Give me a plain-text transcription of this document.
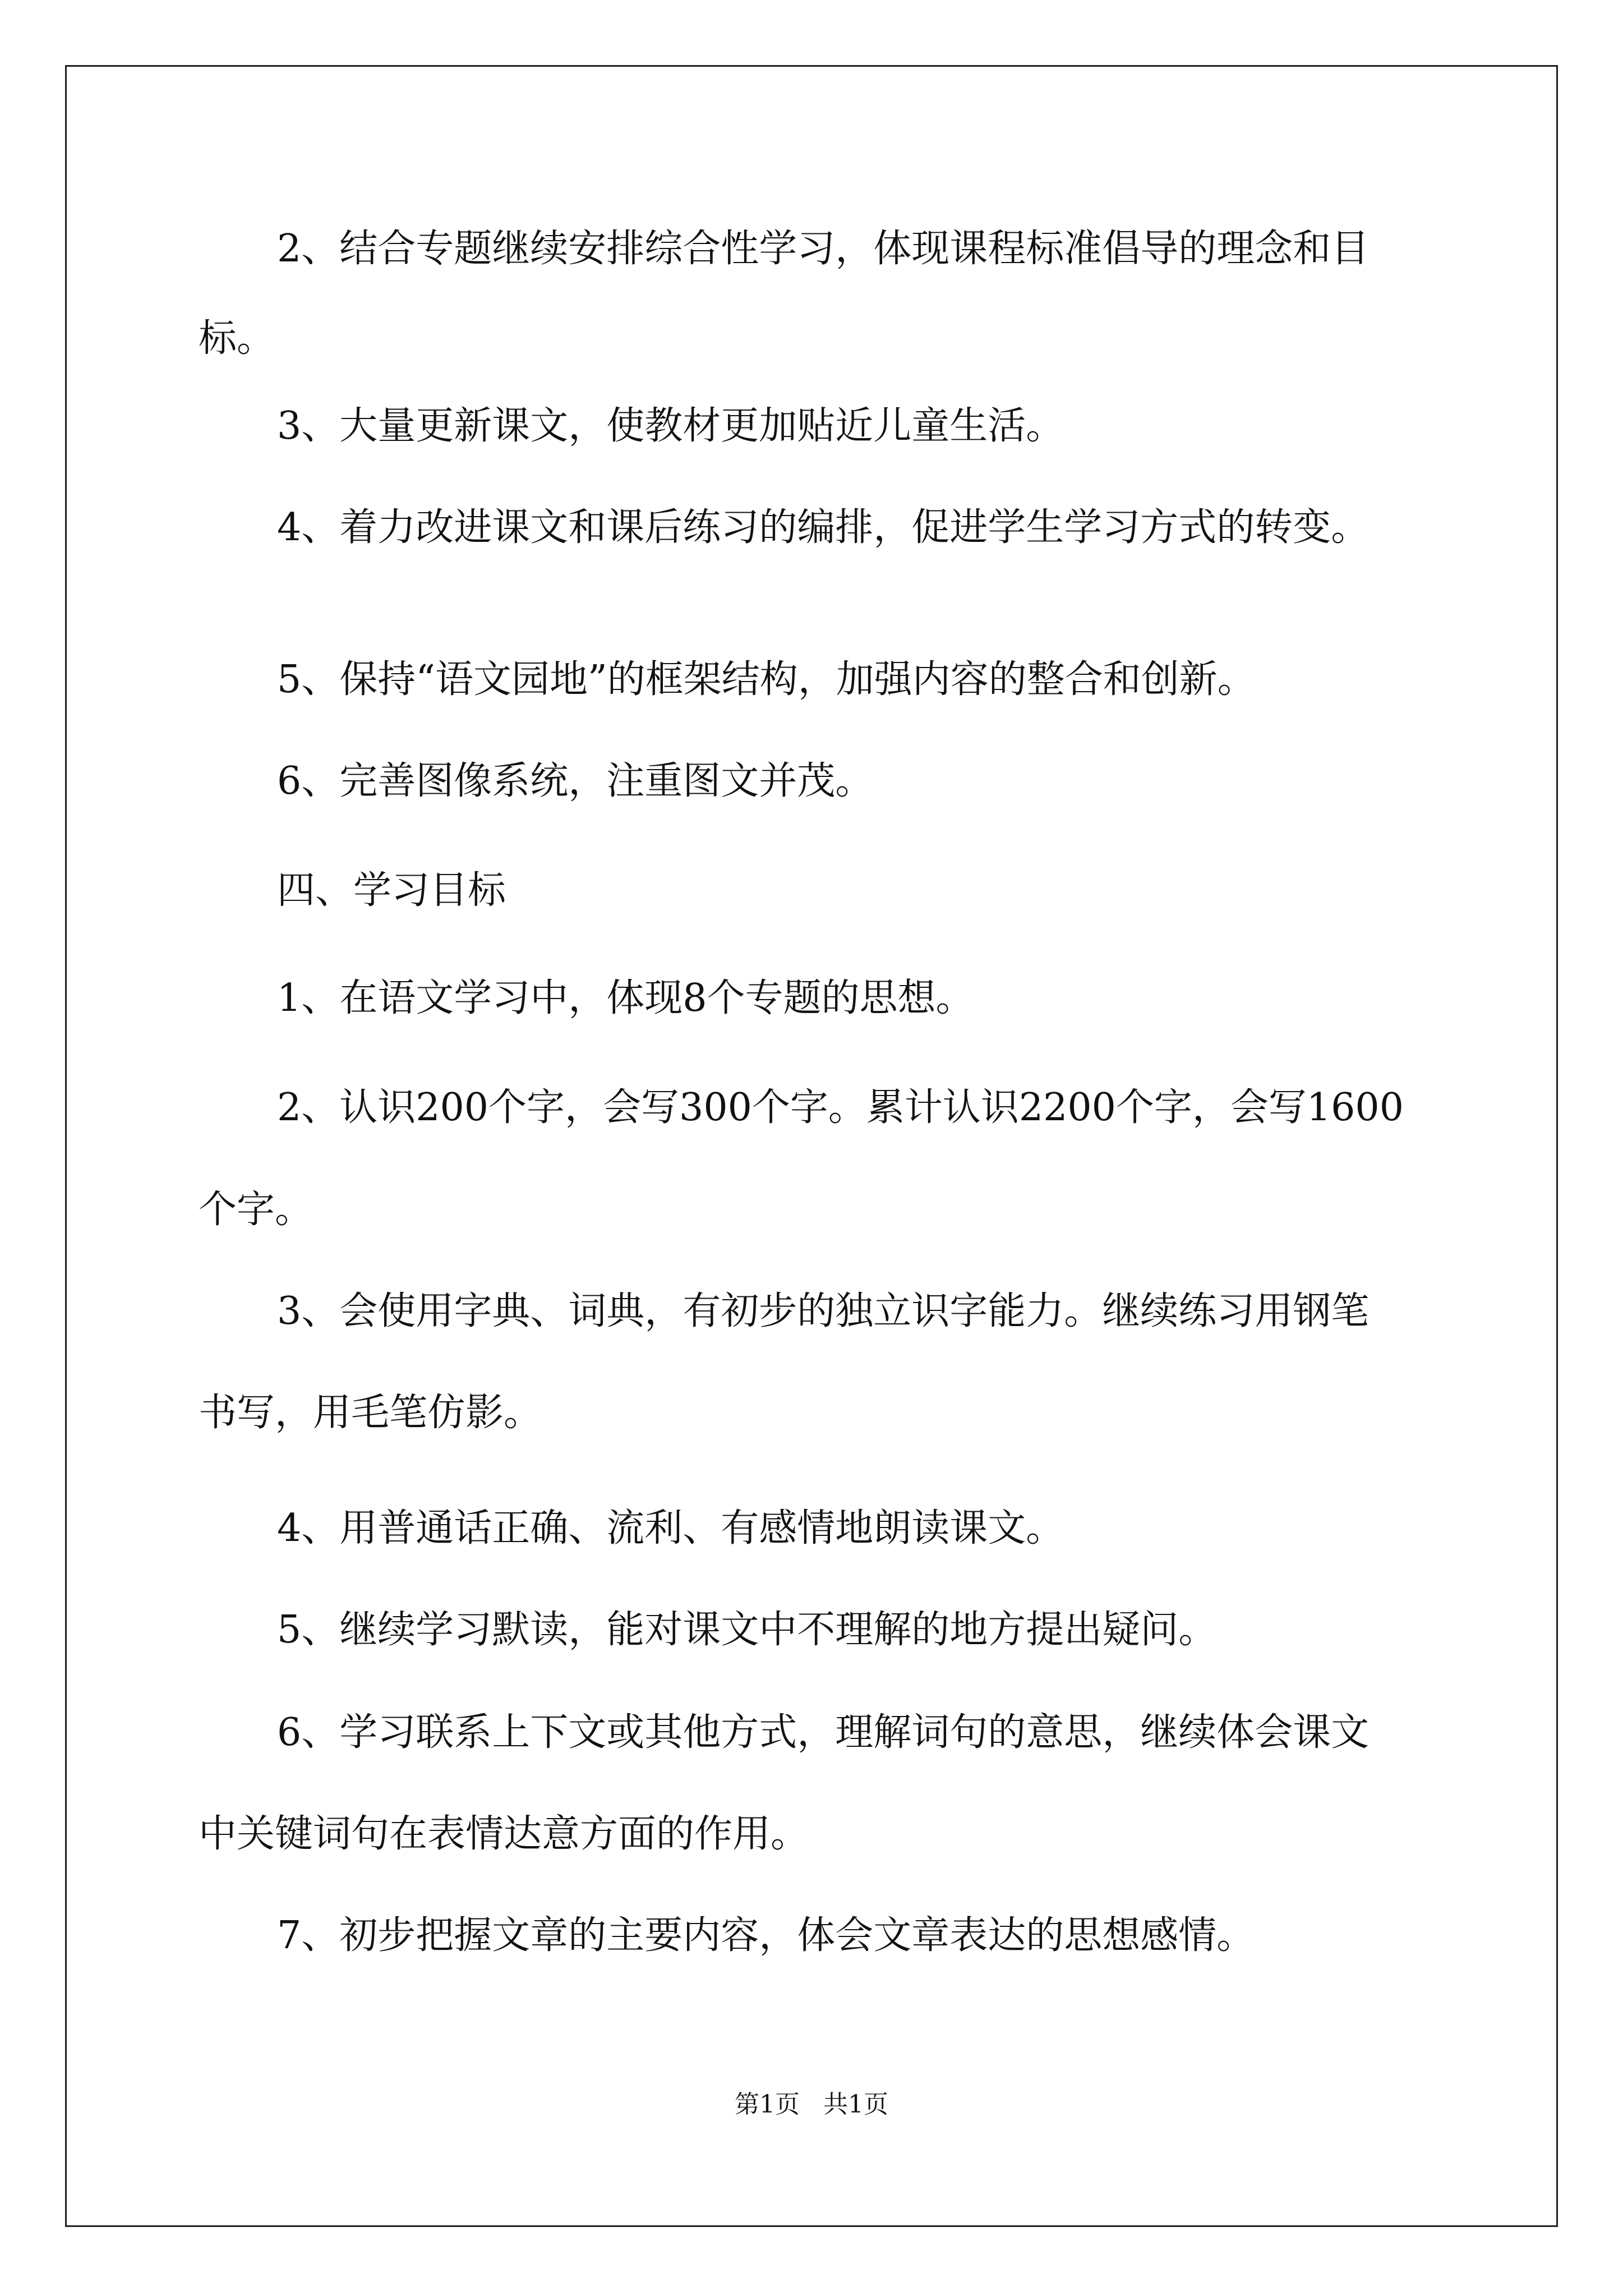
2、结合专题继续安排综合性学习，体现课程标准倡导的理念和目
标。
3、大量更新课文，使教材更加贴近儿童生活。
4、着力改进课文和课后练习的编排，促进学生学习方式的转变。
5、保持“语文园地”的框架结构，加强内容的整合和创新。
6、完善图像系统，注重图文并茂。
四、学习目标
1、在语文学习中，体现8个专题的思想。
2、认识200个字，会写300个字。累计认识2200个字，会写1600
个字。
3、会使用字典、词典，有初步的独立识字能力。继续练习用钢笔
书写，用毛笔仿影。
4、用普通话正确、流利、有感情地朗读课文。
5、继续学习默读，能对课文中不理解的地方提出疑问。
6、学习联系上下文或其他方式，理解词句的意思，继续体会课文
中关键词句在表情达意方面的作用。
7、初步把握文章的主要内容，体会文章表达的思想感情。
第1页   共1页
